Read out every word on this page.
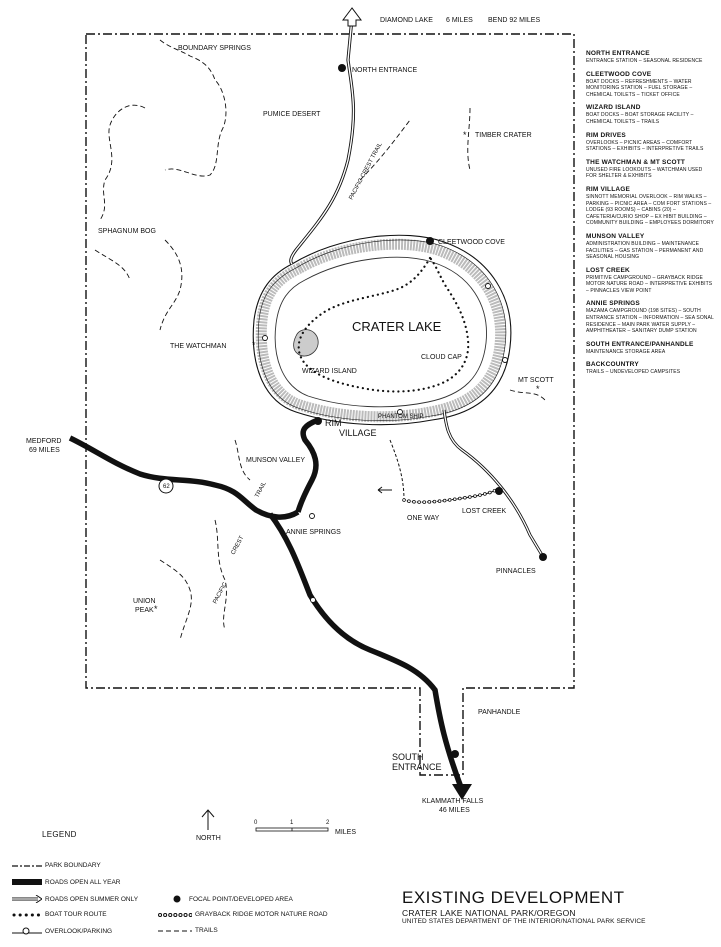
*
*
*
*
DIAMOND LAKE 6 MILES BEND 92 MILES
BOUNDARY SPRINGS
NORTH ENTRANCE
PUMICE DESERT
TIMBER CRATER
PACIFIC CREST TRAIL
SPHAGNUM BOG
CLEETWOOD COVE
CRATER LAKE
THE WATCHMAN
WIZARD ISLAND
CLOUD CAP
MT SCOTT
PHANTOM SHIP
RIM
VILLAGE
MEDFORD
69 MILES
62
MUNSON VALLEY
TRAIL
CREST
PACIFIC
ANNIE SPRINGS
ONE WAY
LOST CREEK
PINNACLES
UNION
PEAK
PANHANDLE
SOUTH
ENTRANCE
KLAMMATH FALLS
46 MILES
NORTH
0	1	2
MILES
NORTH ENTRANCE
ENTRANCE STATION – SEASONAL RESIDENCE
CLEETWOOD COVE
BOAT DOCKS – REFRESHMENTS – WATER MONITORING STATION – FUEL STORAGE – CHEMICAL TOILETS – TICKET OFFICE
WIZARD ISLAND
BOAT DOCKS – BOAT STORAGE FACILITY – CHEMICAL TOILETS – TRAILS
RIM DRIVES
OVERLOOKS – PICNIC AREAS – COMFORT STATIONS – EXHIBITS – INTERPRETIVE TRAILS
THE WATCHMAN & MT SCOTT
UNUSED FIRE LOOKOUTS – WATCHMAN USED FOR SHELTER & EXHIBITS
RIM VILLAGE
SINNOTT MEMORIAL OVERLOOK – RIM WALKS – PARKING – PICNIC AREA – COM FORT STATIONS – LODGE (93 ROOMS) – CABINS (20) – CAFETERIA/CURIO SHOP – EX HIBIT BUILDING – COMMUNITY BUILDING – EMPLOYEES DORMITORY
MUNSON VALLEY
ADMINISTRATION BUILDING – MAINTENANCE FACILITIES – GAS STATION – PERMANENT AND SEASONAL HOUSING
LOST CREEK
PRIMITIVE CAMPGROUND – GRAYBACK RIDGE MOTOR NATURE ROAD – INTERPRETIVE EXHIBITS – PINNACLES VIEW POINT
ANNIE SPRINGS
MAZAMA CAMPGROUND (198 SITES) – SOUTH ENTRANCE STATION – INFORMATION – SEA SONAL RESIDENCE – MAIN PARK WATER SUPPLY – AMPHITHEATER – SANITARY DUMP STATION
SOUTH ENTRANCE/PANHANDLE
MAINTENANCE STORAGE AREA
BACKCOUNTRY
TRAILS – UNDEVELOPED CAMPSITES
LEGEND
PARK BOUNDARY
ROADS OPEN ALL YEAR
ROADS OPEN SUMMER ONLY
BOAT TOUR ROUTE
OVERLOOK/PARKING
FOCAL POINT/DEVELOPED AREA
GRAYBACK RIDGE MOTOR NATURE ROAD
TRAILS
EXISTING DEVELOPMENT
CRATER LAKE NATIONAL PARK/OREGON
UNITED STATES DEPARTMENT OF THE INTERIOR/NATIONAL PARK SERVICE
